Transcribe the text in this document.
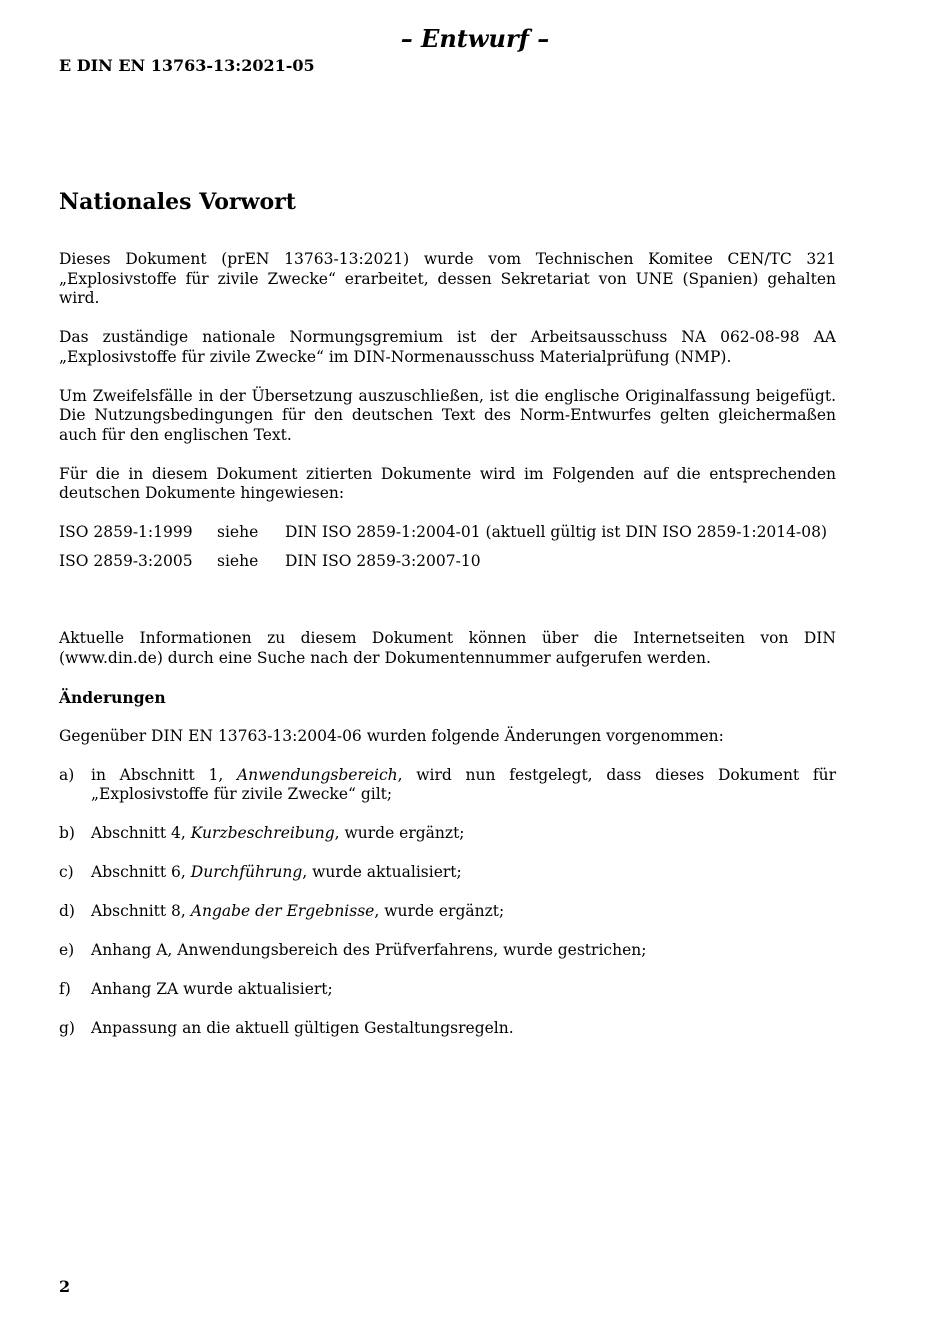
– Entwurf –
E DIN EN 13763-13:2021-05
Nationales Vorwort

Dieses Dokument (prEN 13763-13:2021) wurde vom Technischen Komitee CEN/TC 321 „Explosivstoffe für zivile Zwecke“ erarbeitet, dessen Sekretariat von UNE (Spanien) gehalten wird.

Das zuständige nationale Normungsgremium ist der Arbeitsausschuss NA 062-08-98 AA „Explosivstoffe für zivile Zwecke“ im DIN-Normenausschuss Materialprüfung (NMP).

Um Zweifelsfälle in der Übersetzung auszuschließen, ist die englische Originalfassung beigefügt. Die Nutzungsbedingungen für den deutschen Text des Norm-Entwurfes gelten gleichermaßen auch für den englischen Text.

Für die in diesem Dokument zitierten Dokumente wird im Folgenden auf die entsprechenden deutschen Dokumente hingewiesen:

ISO 2859-1:1999	siehe	DIN ISO 2859-1:2004-01 (aktuell gültig ist DIN ISO 2859-1:2014-08)
ISO 2859-3:2005	siehe	DIN ISO 2859-3:2007-10

Aktuelle Informationen zu diesem Dokument können über die Internetseiten von DIN (www.din.de) durch eine Suche nach der Dokumentennummer aufgerufen werden.

Änderungen

Gegenüber DIN EN 13763-13:2004-06 wurden folgende Änderungen vorgenommen:

a)	in Abschnitt 1, Anwendungsbereich, wird nun festgelegt, dass dieses Dokument für „Explosivstoffe für zivile Zwecke“ gilt;
b)	Abschnitt 4, Kurzbeschreibung, wurde ergänzt;
c)	Abschnitt 6, Durchführung, wurde aktualisiert;
d)	Abschnitt 8, Angabe der Ergebnisse, wurde ergänzt;
e)	Anhang A, Anwendungsbereich des Prüfverfahrens, wurde gestrichen;
f)	Anhang ZA wurde aktualisiert;
g)	Anpassung an die aktuell gültigen Gestaltungsregeln.
2
